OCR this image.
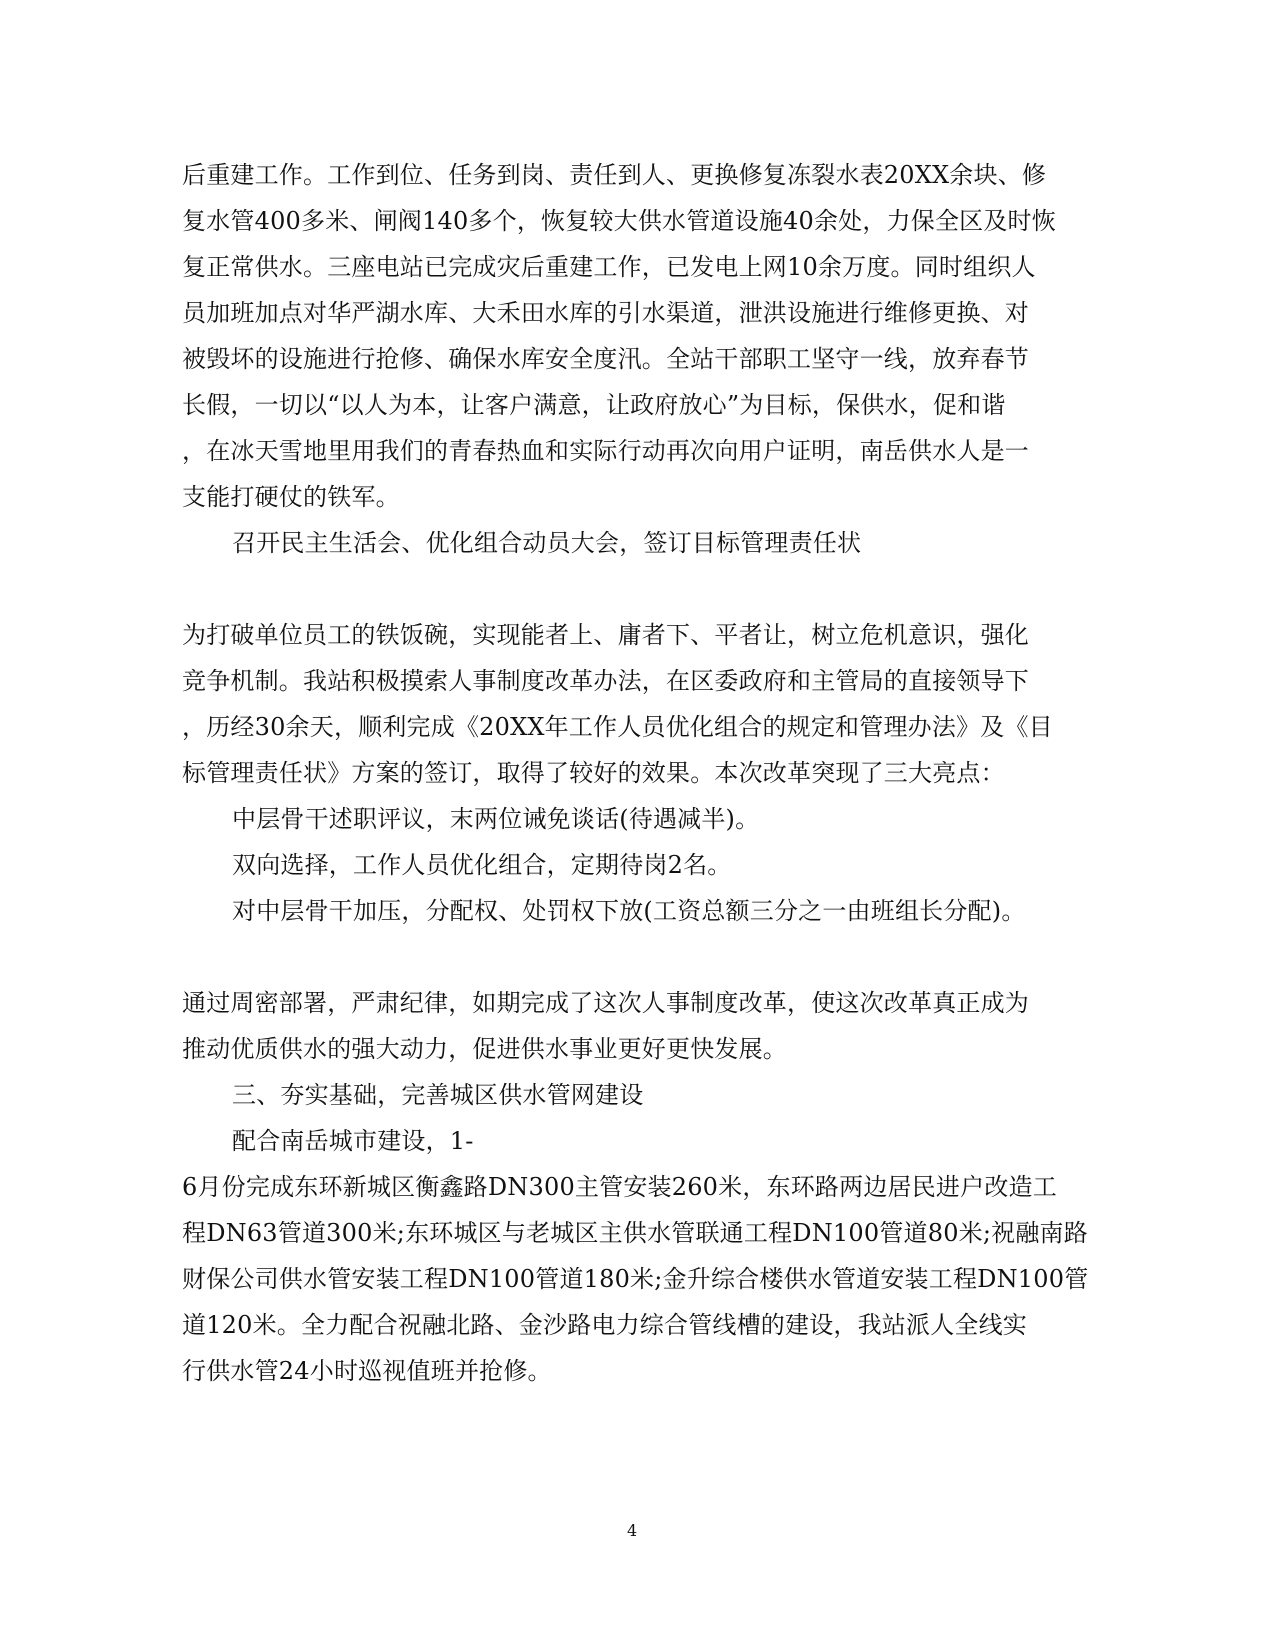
后重建工作。工作到位、任务到岗、责任到人、更换修复冻裂水表20XX余块、修
复水管400多米、闸阀140多个，恢复较大供水管道设施40余处，力保全区及时恢
复正常供水。三座电站已完成灾后重建工作，已发电上网10余万度。同时组织人
员加班加点对华严湖水库、大禾田水库的引水渠道，泄洪设施进行维修更换、对
被毁坏的设施进行抢修、确保水库安全度汛。全站干部职工坚守一线，放弃春节
长假，一切以“以人为本，让客户满意，让政府放心”为目标，保供水，促和谐
，在冰天雪地里用我们的青春热血和实际行动再次向用户证明，南岳供水人是一
支能打硬仗的铁军。
召开民主生活会、优化组合动员大会，签订目标管理责任状
为打破单位员工的铁饭碗，实现能者上、庸者下、平者让，树立危机意识，强化
竞争机制。我站积极摸索人事制度改革办法，在区委政府和主管局的直接领导下
，历经30余天，顺利完成《20XX年工作人员优化组合的规定和管理办法》及《目
标管理责任状》方案的签订，取得了较好的效果。本次改革突现了三大亮点：
中层骨干述职评议，末两位诫免谈话(待遇减半)。
双向选择，工作人员优化组合，定期待岗2名。
对中层骨干加压，分配权、处罚权下放(工资总额三分之一由班组长分配)。
通过周密部署，严肃纪律，如期完成了这次人事制度改革，使这次改革真正成为
推动优质供水的强大动力，促进供水事业更好更快发展。
三、夯实基础，完善城区供水管网建设
配合南岳城市建设，1-
6月份完成东环新城区衡鑫路DN300主管安装260米，东环路两边居民进户改造工
程DN63管道300米;东环城区与老城区主供水管联通工程DN100管道80米;祝融南路
财保公司供水管安装工程DN100管道180米;金升综合楼供水管道安装工程DN100管
道120米。全力配合祝融北路、金沙路电力综合管线槽的建设，我站派人全线实
行供水管24小时巡视值班并抢修。
4
